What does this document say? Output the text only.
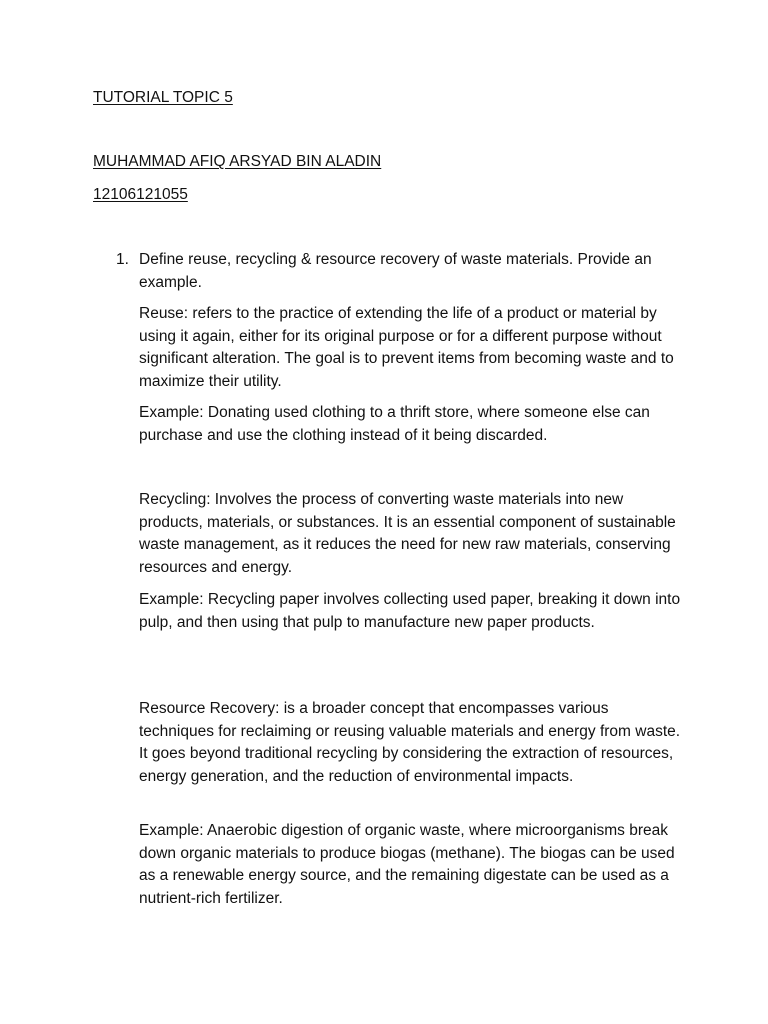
TUTORIAL TOPIC 5
MUHAMMAD AFIQ ARSYAD BIN ALADIN
12106121055
1. Define reuse, recycling & resource recovery of waste materials. Provide an example.

Reuse: refers to the practice of extending the life of a product or material by using it again, either for its original purpose or for a different purpose without significant alteration. The goal is to prevent items from becoming waste and to maximize their utility.

Example: Donating used clothing to a thrift store, where someone else can purchase and use the clothing instead of it being discarded.

Recycling: Involves the process of converting waste materials into new products, materials, or substances. It is an essential component of sustainable waste management, as it reduces the need for new raw materials, conserving resources and energy.

Example: Recycling paper involves collecting used paper, breaking it down into pulp, and then using that pulp to manufacture new paper products.

Resource Recovery: is a broader concept that encompasses various techniques for reclaiming or reusing valuable materials and energy from waste. It goes beyond traditional recycling by considering the extraction of resources, energy generation, and the reduction of environmental impacts.

Example: Anaerobic digestion of organic waste, where microorganisms break down organic materials to produce biogas (methane). The biogas can be used as a renewable energy source, and the remaining digestate can be used as a nutrient-rich fertilizer.
